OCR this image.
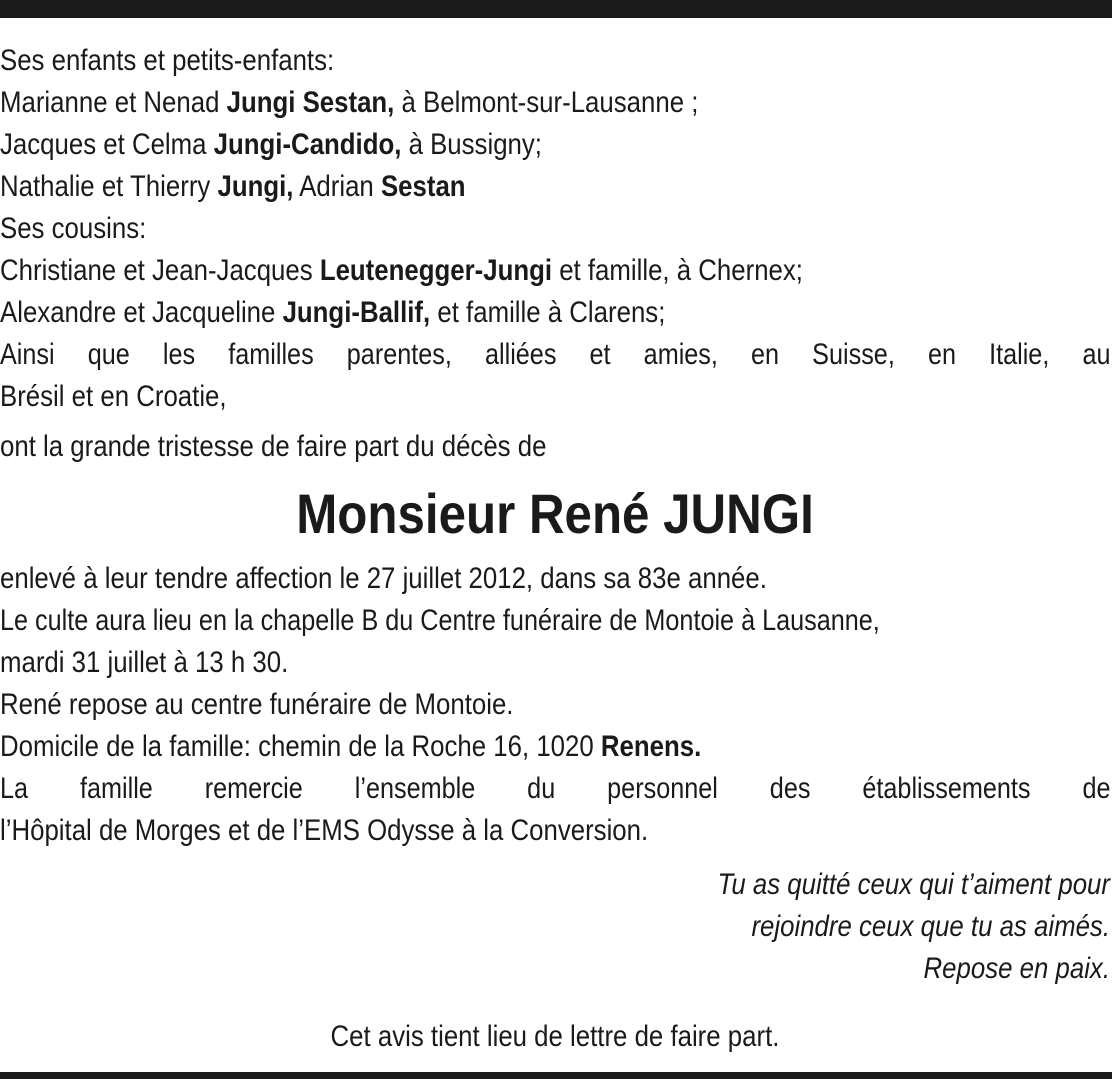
Ses enfants et petits-enfants:
Marianne et Nenad Jungi Sestan, à Belmont-sur-Lausanne ;
Jacques et Celma Jungi-Candido, à Bussigny;
Nathalie et Thierry Jungi, Adrian Sestan
Ses cousins:
Christiane et Jean-Jacques Leutenegger-Jungi et famille, à Chernex;
Alexandre et Jacqueline Jungi-Ballif, et famille à Clarens;
Ainsi que les familles parentes, alliées et amies, en Suisse, en Italie, au
Brésil et en Croatie,
ont la grande tristesse de faire part du décès de
Monsieur René JUNGI
enlevé à leur tendre affection le 27 juillet 2012, dans sa 83e année.
Le culte aura lieu en la chapelle B du Centre funéraire de Montoie à Lausanne,
mardi 31 juillet à 13 h 30.
René repose au centre funéraire de Montoie.
Domicile de la famille: chemin de la Roche 16, 1020 Renens.
La famille remercie l’ensemble du personnel des établissements de
l’Hôpital de Morges et de l’EMS Odysse à la Conversion.
Tu as quitté ceux qui t’aiment pour
rejoindre ceux que tu as aimés.
Repose en paix.
Cet avis tient lieu de lettre de faire part.
